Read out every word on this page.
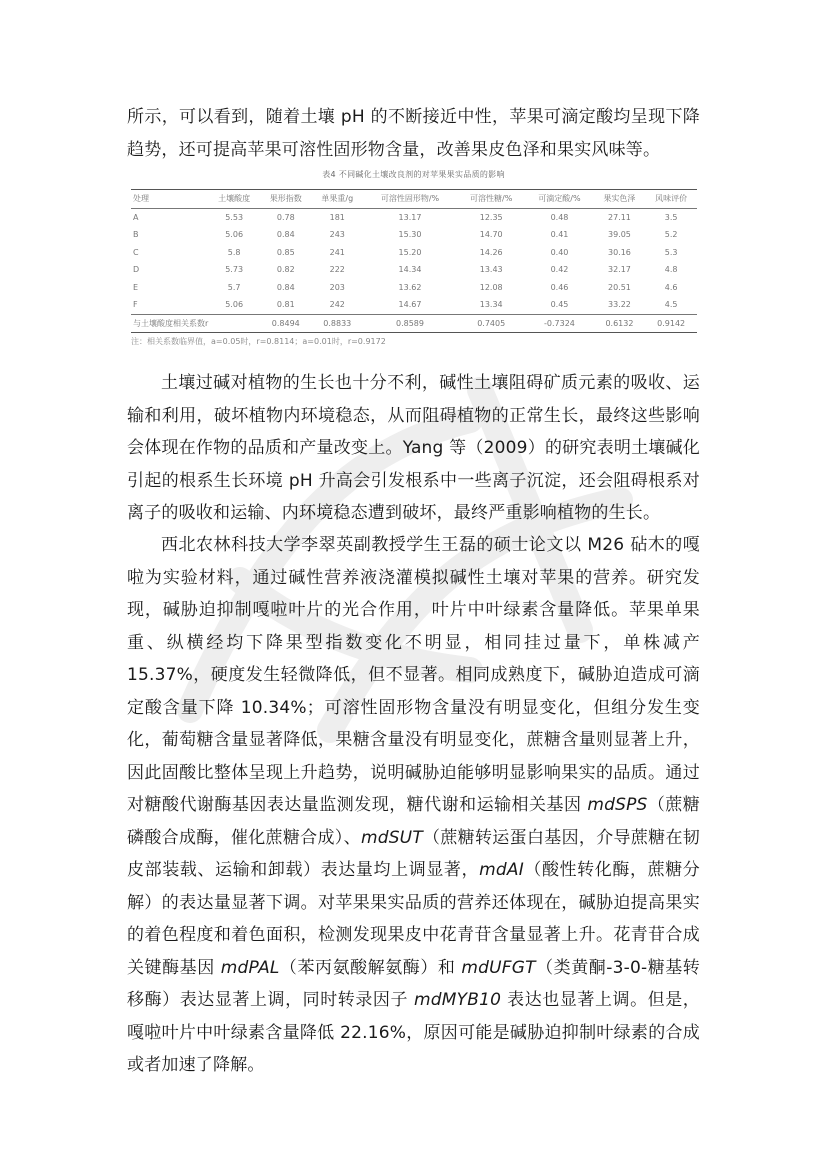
所示，可以看到，随着土壤 pH 的不断接近中性，苹果可滴定酸均呈现下降趋势，还可提高苹果可溶性固形物含量，改善果皮色泽和果实风味等。
表4 不同碱化土壤改良剂的对苹果果实品质的影响
处理	土壤酸度	果形指数	单果重/g	可溶性固形物/%	可溶性糖/%	可滴定酸/%	果实色泽	风味评价
A	5.53	0.78	181	13.17	12.35	0.48	27.11	3.5
B	5.06	0.84	243	15.30	14.70	0.41	39.05	5.2
C	5.8	0.85	241	15.20	14.26	0.40	30.16	5.3
D	5.73	0.82	222	14.34	13.43	0.42	32.17	4.8
E	5.7	0.84	203	13.62	12.08	0.46	20.51	4.6
F	5.06	0.81	242	14.67	13.34	0.45	33.22	4.5
与土壤酸度相关系数r		0.8494	0.8833	0.8589	0.7405	-0.7324	0.6132	0.9142
注：相关系数临界值，a=0.05时，r=0.8114；a=0.01时，r=0.9172
土壤过碱对植物的生长也十分不利，碱性土壤阻碍矿质元素的吸收、运输和利用，破坏植物内环境稳态，从而阻碍植物的正常生长，最终这些影响会体现在作物的品质和产量改变上。Yang 等（2009）的研究表明土壤碱化引起的根系生长环境 pH 升高会引发根系中一些离子沉淀，还会阻碍根系对离子的吸收和运输、内环境稳态遭到破坏，最终严重影响植物的生长。
西北农林科技大学李翠英副教授学生王磊的硕士论文以 M26 砧木的嘎啦为实验材料，通过碱性营养液浇灌模拟碱性土壤对苹果的营养。研究发现，碱胁迫抑制嘎啦叶片的光合作用，叶片中叶绿素含量降低。苹果单果重、纵横经均下降果型指数变化不明显，相同挂过量下，单株减产 15.37%，硬度发生轻微降低，但不显著。相同成熟度下，碱胁迫造成可滴定酸含量下降 10.34%；可溶性固形物含量没有明显变化，但组分发生变化，葡萄糖含量显著降低，果糖含量没有明显变化，蔗糖含量则显著上升，因此固酸比整体呈现上升趋势，说明碱胁迫能够明显影响果实的品质。通过对糖酸代谢酶基因表达量监测发现，糖代谢和运输相关基因 mdSPS（蔗糖磷酸合成酶，催化蔗糖合成）、mdSUT（蔗糖转运蛋白基因，介导蔗糖在韧皮部装载、运输和卸载）表达量均上调显著，mdAI（酸性转化酶，蔗糖分解）的表达量显著下调。对苹果果实品质的营养还体现在，碱胁迫提高果实的着色程度和着色面积，检测发现果皮中花青苷含量显著上升。花青苷合成关键酶基因 mdPAL（苯丙氨酸解氨酶）和 mdUFGT（类黄酮-3-0-糖基转移酶）表达显著上调，同时转录因子 mdMYB10 表达也显著上调。但是，嘎啦叶片中叶绿素含量降低 22.16%，原因可能是碱胁迫抑制叶绿素的合成或者加速了降解。
